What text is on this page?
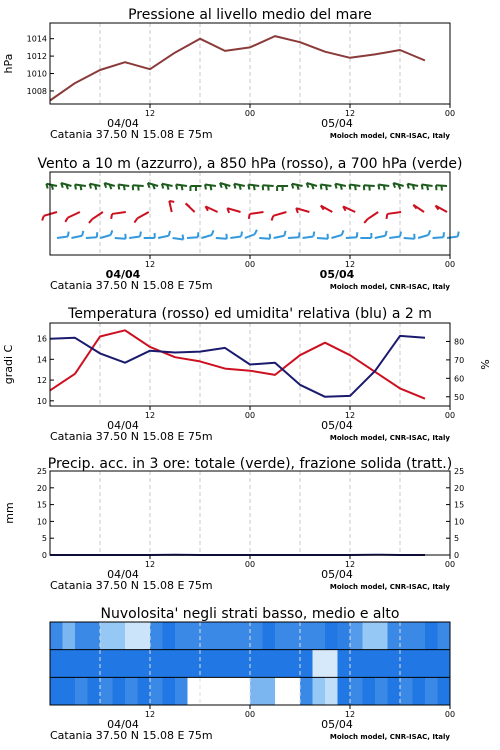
Pressione al livello medio del mare
12	00	12	00
04/04	05/04
Catania 37.50 N 15.08 E 75m	Moloch model, CNR-ISAC, Italy
1008
1010
1012
1014
hPa
Vento a 10 m (azzurro), a 850 hPa (rosso), a 700 hPa (verde)
12	00	12	00
04/04	05/04
Catania 37.50 N 15.08 E 75m	Moloch model, CNR-ISAC, Italy
Temperatura (rosso) ed umidita' relativa (blu) a 2 m
12	00	12	00
04/04	05/04
Catania 37.50 N 15.08 E 75m	Moloch model, CNR-ISAC, Italy
10
12
14
16
gradi C
50
60
70
80
%
Precip. acc. in 3 ore: totale (verde), frazione solida (tratt.)
12	00	12	00
04/04	05/04
Catania 37.50 N 15.08 E 75m	Moloch model, CNR-ISAC, Italy
0
5
10
15
20
25
mm
0
5
10
15
20
25
Nuvolosita' negli strati basso, medio e alto
12	00	12	00
04/04	05/04
Catania 37.50 N 15.08 E 75m	Moloch model, CNR-ISAC, Italy
